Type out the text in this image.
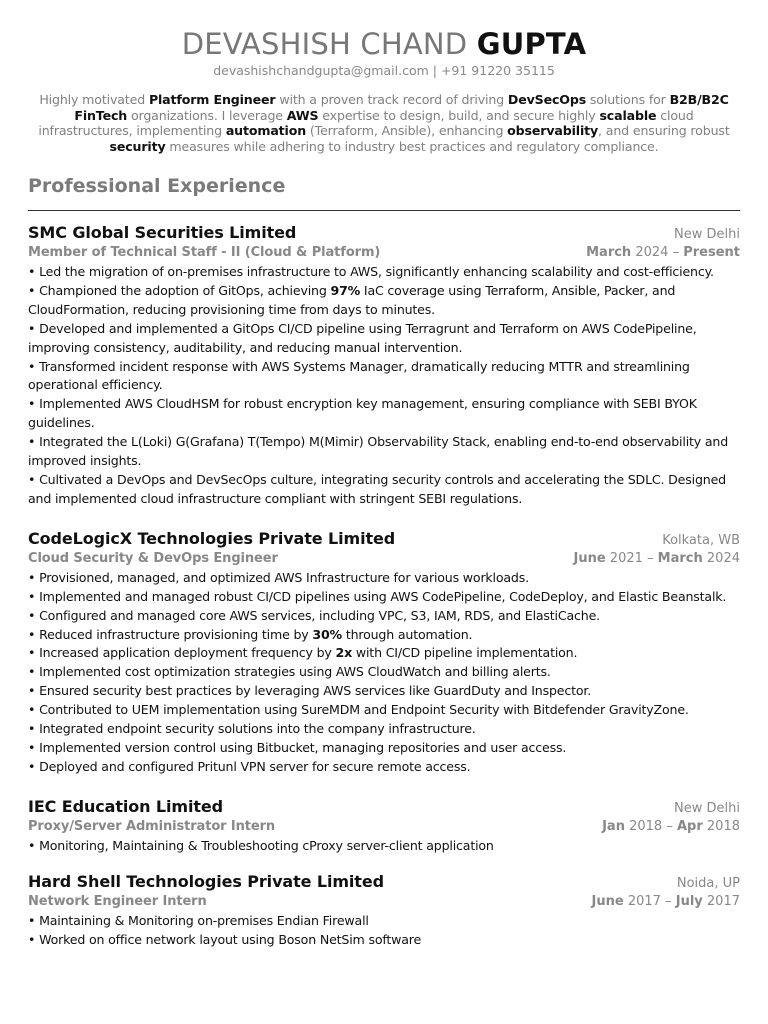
DEVASHISH CHAND GUPTA
devashishchandgupta@gmail.com | +91 91220 35115
Highly motivated Platform Engineer with a proven track record of driving DevSecOps solutions for B2B/B2C FinTech organizations. I leverage AWS expertise to design, build, and secure highly scalable cloud infrastructures, implementing automation (Terraform, Ansible), enhancing observability, and ensuring robust security measures while adhering to industry best practices and regulatory compliance.
Professional Experience
SMC Global Securities Limited	New Delhi
Member of Technical Staff - II (Cloud & Platform)	March 2024 – Present
• Led the migration of on-premises infrastructure to AWS, significantly enhancing scalability and cost-efficiency.
• Championed the adoption of GitOps, achieving 97% IaC coverage using Terraform, Ansible, Packer, and CloudFormation, reducing provisioning time from days to minutes.
• Developed and implemented a GitOps CI/CD pipeline using Terragrunt and Terraform on AWS CodePipeline, improving consistency, auditability, and reducing manual intervention.
• Transformed incident response with AWS Systems Manager, dramatically reducing MTTR and streamlining operational efficiency.
• Implemented AWS CloudHSM for robust encryption key management, ensuring compliance with SEBI BYOK guidelines.
• Integrated the L(Loki) G(Grafana) T(Tempo) M(Mimir) Observability Stack, enabling end-to-end observability and improved insights.
• Cultivated a DevOps and DevSecOps culture, integrating security controls and accelerating the SDLC. Designed and implemented cloud infrastructure compliant with stringent SEBI regulations.
CodeLogicX Technologies Private Limited	Kolkata, WB
Cloud Security & DevOps Engineer	June 2021 – March 2024
• Provisioned, managed, and optimized AWS Infrastructure for various workloads.
• Implemented and managed robust CI/CD pipelines using AWS CodePipeline, CodeDeploy, and Elastic Beanstalk.
• Configured and managed core AWS services, including VPC, S3, IAM, RDS, and ElastiCache.
• Reduced infrastructure provisioning time by 30% through automation.
• Increased application deployment frequency by 2x with CI/CD pipeline implementation.
• Implemented cost optimization strategies using AWS CloudWatch and billing alerts.
• Ensured security best practices by leveraging AWS services like GuardDuty and Inspector.
• Contributed to UEM implementation using SureMDM and Endpoint Security with Bitdefender GravityZone.
• Integrated endpoint security solutions into the company infrastructure.
• Implemented version control using Bitbucket, managing repositories and user access.
• Deployed and configured Pritunl VPN server for secure remote access.
IEC Education Limited	New Delhi
Proxy/Server Administrator Intern	Jan 2018 – Apr 2018
• Monitoring, Maintaining & Troubleshooting cProxy server-client application
Hard Shell Technologies Private Limited	Noida, UP
Network Engineer Intern	June 2017 – July 2017
• Maintaining & Monitoring on-premises Endian Firewall
• Worked on office network layout using Boson NetSim software
